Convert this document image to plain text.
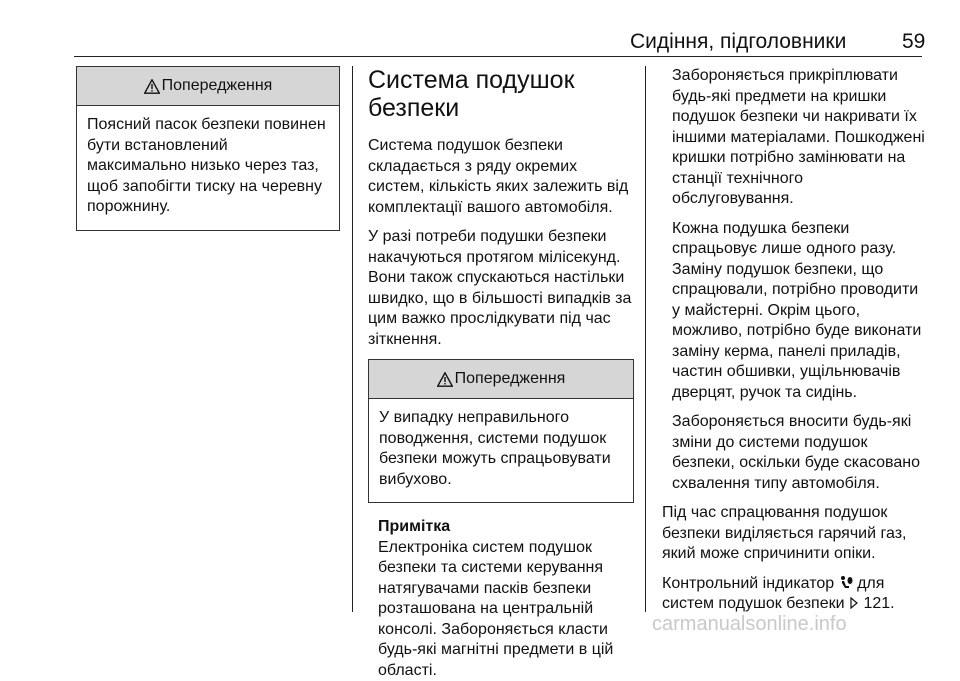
Сидіння, підголовники	59
Попередження
Поясний пасок безпеки повинен бути встановлений максимально низько через таз, щоб запобігти тиску на черевну порожнину.
Система подушок безпеки

Система подушок безпеки складається з ряду окремих систем, кількість яких залежить від комплектації вашого автомобіля.

У разі потреби подушки безпеки накачуються протягом мілісекунд. Вони також спускаються настільки швидко, що в більшості випадків за цим важко прослідкувати під час зіткнення.

Попередження
У випадку неправильного поводження, системи подушок безпеки можуть спрацьовувати вибухово.
Примітка
Електроніка систем подушок безпеки та системи керування натягувачами пасків безпеки розташована на центральній консолі. Забороняється класти будь-які магнітні предмети в цій області.

Забороняється прикріплювати будь-які предмети на кришки подушок безпеки чи накривати їх іншими матеріалами. Пошкоджені кришки потрібно замінювати на станції технічного обслуговування.

Кожна подушка безпеки спрацьовує лише одного разу. Заміну подушок безпеки, що спрацювали, потрібно проводити у майстерні. Окрім цього, можливо, потрібно буде виконати заміну керма, панелі приладів, частин обшивки, ущільнювачів дверцят, ручок та сидінь.

Забороняється вносити будь-які зміни до системи подушок безпеки, оскільки буде скасовано схвалення типу автомобіля.

Під час спрацювання подушок безпеки виділяється гарячий газ, який може спричинити опіки.

Контрольний індикатор для систем подушок безпеки 121.

carmanualsonline.info
